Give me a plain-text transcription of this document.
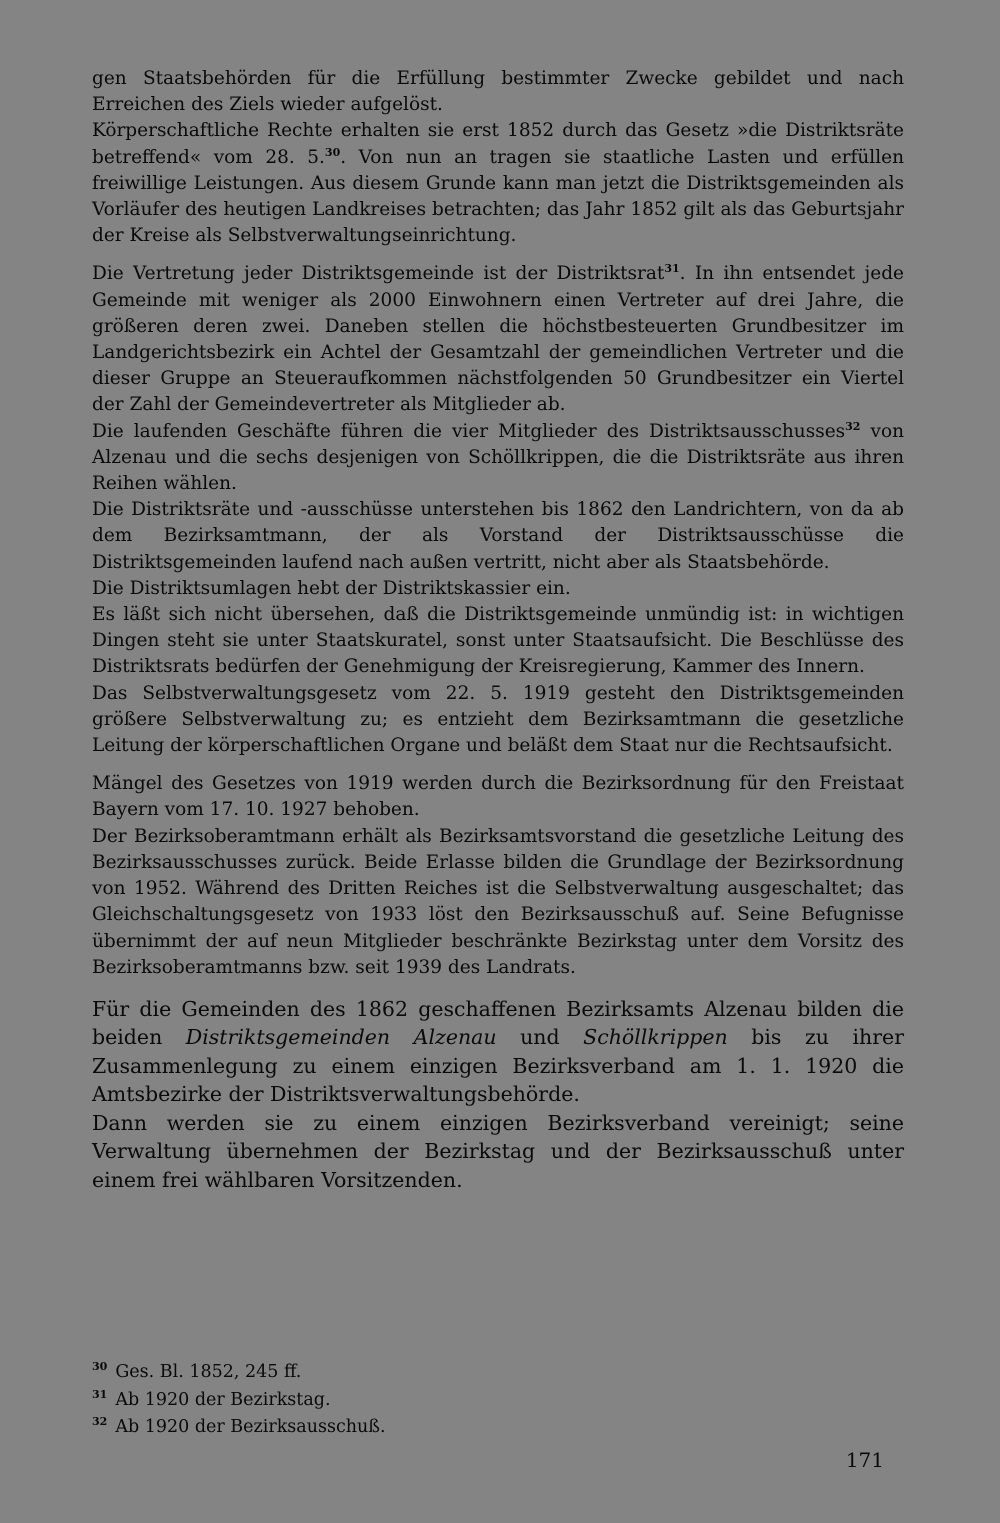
gen Staatsbehörden für die Erfüllung bestimmter Zwecke gebildet und nach Erreichen des Ziels wieder aufgelöst.

Körperschaftliche Rechte erhalten sie erst 1852 durch das Gesetz »die Distriktsräte betreffend« vom 28. 5.30. Von nun an tragen sie staatliche Lasten und erfüllen freiwillige Leistungen. Aus diesem Grunde kann man jetzt die Distriktsgemeinden als Vorläufer des heutigen Landkreises betrachten; das Jahr 1852 gilt als das Geburtsjahr der Kreise als Selbstverwaltungseinrichtung.

Die Vertretung jeder Distriktsgemeinde ist der Distriktsrat$^{31}$. In ihn entsendet jede Gemeinde mit weniger als 2000 Einwohnern einen Vertreter auf drei Jahre, die größeren deren zwei. Daneben stellen die höchstbesteuerten Grundbesitzer im Landgerichtsbezirk ein Achtel der Gesamtzahl der gemeindlichen Vertreter und die dieser Gruppe an Steueraufkommen nächstfolgenden 50 Grundbesitzer ein Viertel der Zahl der Gemeindevertreter als Mitglieder ab.

Die laufenden Geschäfte führen die vier Mitglieder des Distriktsausschusses$^{32}$ von Alzenau und die sechs desjenigen von Schöllkrippen, die die Distriktsräte aus ihren Reihen wählen.

Die Distriktsräte und -ausschüsse unterstehen bis 1862 den Landrichtern, von da ab dem Bezirksamtmann, der als Vorstand der Distriktsausschüsse die Distriktsgemeinden laufend nach außen vertritt, nicht aber als Staatsbehörde.

Die Distriktsumlagen hebt der Distriktskassier ein.

Es läßt sich nicht übersehen, daß die Distriktsgemeinde unmündig ist: in wichtigen Dingen steht sie unter Staatskuratel, sonst unter Staatsaufsicht. Die Beschlüsse des Distriktsrats bedürfen der Genehmigung der Kreisregierung, Kammer des Innern.

Das Selbstverwaltungsgesetz vom 22. 5. 1919 gesteht den Distriktsgemeinden größere Selbstverwaltung zu; es entzieht dem Bezirksamtmann die gesetzliche Leitung der körperschaftlichen Organe und beläßt dem Staat nur die Rechtsaufsicht.

Mängel des Gesetzes von 1919 werden durch die Bezirksordnung für den Freistaat Bayern vom 17. 10. 1927 behoben.

Der Bezirksoberamtmann erhält als Bezirksamtsvorstand die gesetzliche Leitung des Bezirksausschusses zurück. Beide Erlasse bilden die Grundlage der Bezirksordnung von 1952. Während des Dritten Reiches ist die Selbstverwaltung ausgeschaltet; das Gleichschaltungsgesetz von 1933 löst den Bezirksausschuß auf. Seine Befugnisse übernimmt der auf neun Mitglieder beschränkte Bezirkstag unter dem Vorsitz des Bezirksoberamtmanns bzw. seit 1939 des Landrats.

Für die Gemeinden des 1862 geschaffenen Bezirksamts Alzenau bilden die beiden Distriktsgemeinden Alzenau und Schöllkrippen bis zu ihrer Zusammenlegung zu einem einzigen Bezirksverband am 1. 1. 1920 die Amtsbezirke der Distriktsverwaltungsbehörde.

Dann werden sie zu einem einzigen Bezirksverband vereinigt; seine Verwaltung übernehmen der Bezirkstag und der Bezirksausschuß unter einem frei wählbaren Vorsitzenden.

$^{30}$ Ges. Bl. 1852, 245 ff.

$^{31}$ Ab 1920 der Bezirkstag.

$^{32}$ Ab 1920 der Bezirksausschuß.

171
